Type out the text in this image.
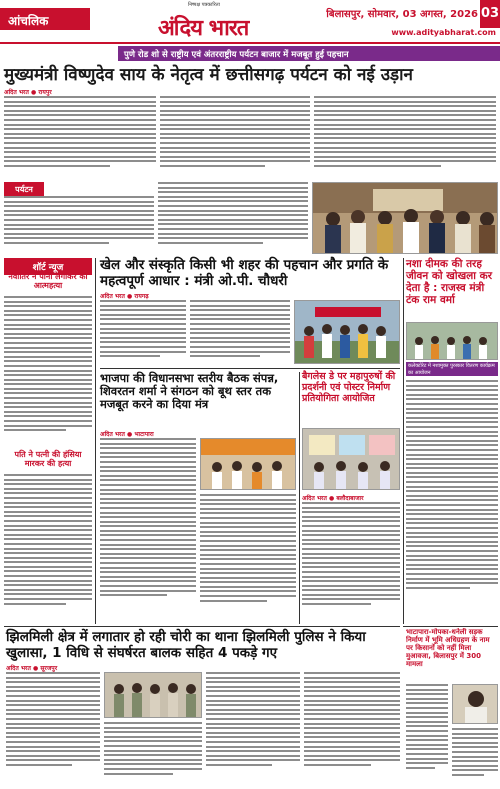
आंचलिक
निष्पक्ष पत्रकारिता
अंदिय भारत
बिलासपुर, सोमवार, 03 अगस्त, 2026 03
www.adityabharat.com
पुणे रोड शो से राष्ट्रीय एवं अंतरराष्ट्रीय पर्यटन बाजार में मजबूत हुई पहचान
मुख्यमंत्री विष्णुदेव साय के नेतृत्व में छत्तीसगढ़ पर्यटन को नई उड़ान
अदित भरत ● रायपुर
पर्यटन
शॉर्ट न्यूज
नवातिर ने पानी लगाकर की आत्महत्या
पति ने पत्नी की हंसिया मारकर की हत्या
खेल और संस्कृति किसी भी शहर की पहचान और प्रगति के महत्वपूर्ण आधार : मंत्री ओ.पी. चौधरी
अदित भरत ● रायगढ़
नशा दीमक की तरह जीवन को खोखला कर देता है : राजस्व मंत्री टंक राम वर्मा
कलेक्टोरेट में नशामुक्त पुरस्कार वितरण कार्यक्रम का आयोजन
भाजपा की विधानसभा स्तरीय बैठक संपन्न, शिवरतन शर्मा ने संगठन को बूथ स्तर तक मजबूत करने का दिया मंत्र
अदित भरत ● भाटापारा
बैगलेस डे पर महापुरुषों की प्रदर्शनी एवं पोस्टर निर्माण प्रतियोगिता आयोजित
अदित भरत ● बलौदाबाजार
झिलमिली क्षेत्र में लगातार हो रही चोरी का थाना झिलमिली पुलिस ने किया खुलासा, 1 विधि से संघर्षरत बालक सहित 4 पकड़े गए
अदित भरत ● सूरजपुर
भाटापारा-मोपका-धनेली सड़क निर्माण में भूमि अधिग्रहण के नाम पर किसानों को नहीं मिला मुआवजा, बिलासपुर में 300 मामला
